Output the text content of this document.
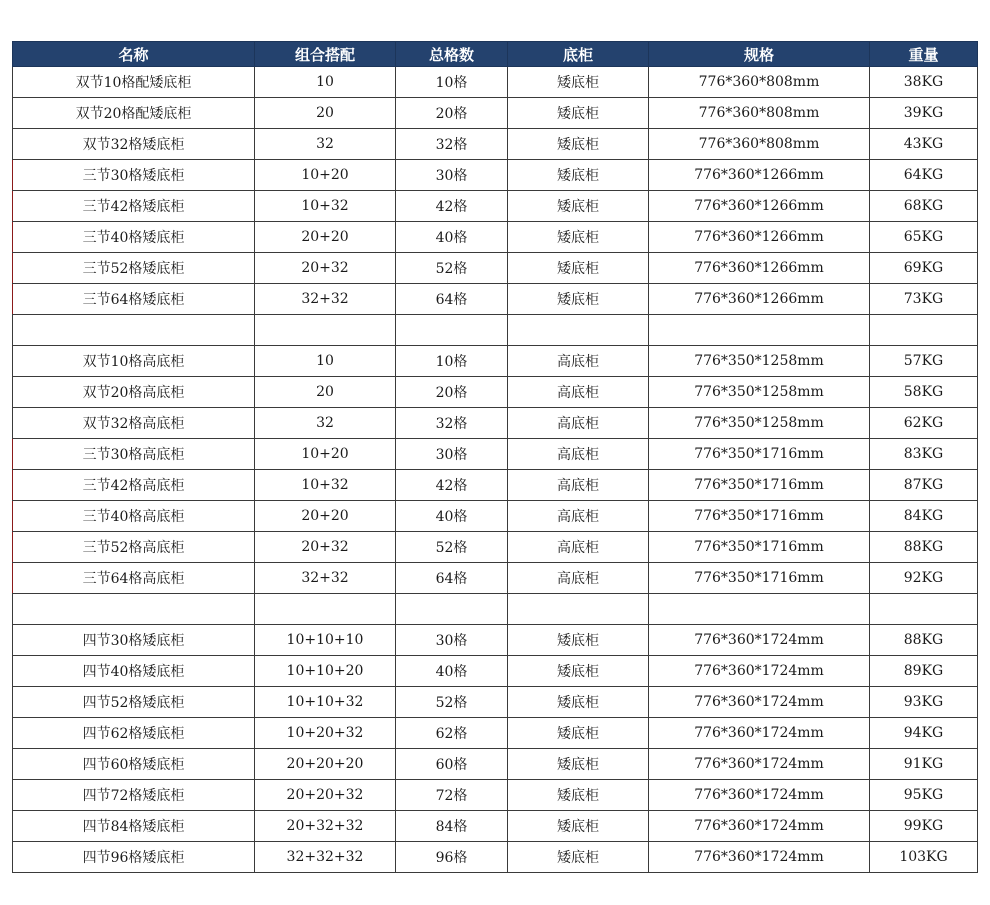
名称	组合搭配	总格数	底柜	规格	重量
双节10格配矮底柜	10	10格	矮底柜	776*360*808mm	38KG
双节20格配矮底柜	20	20格	矮底柜	776*360*808mm	39KG
双节32格矮底柜	32	32格	矮底柜	776*360*808mm	43KG
三节30格矮底柜	10+20	30格	矮底柜	776*360*1266mm	64KG
三节42格矮底柜	10+32	42格	矮底柜	776*360*1266mm	68KG
三节40格矮底柜	20+20	40格	矮底柜	776*360*1266mm	65KG
三节52格矮底柜	20+32	52格	矮底柜	776*360*1266mm	69KG
三节64格矮底柜	32+32	64格	矮底柜	776*360*1266mm	73KG

双节10格高底柜	10	10格	高底柜	776*350*1258mm	57KG
双节20格高底柜	20	20格	高底柜	776*350*1258mm	58KG
双节32格高底柜	32	32格	高底柜	776*350*1258mm	62KG
三节30格高底柜	10+20	30格	高底柜	776*350*1716mm	83KG
三节42格高底柜	10+32	42格	高底柜	776*350*1716mm	87KG
三节40格高底柜	20+20	40格	高底柜	776*350*1716mm	84KG
三节52格高底柜	20+32	52格	高底柜	776*350*1716mm	88KG
三节64格高底柜	32+32	64格	高底柜	776*350*1716mm	92KG

四节30格矮底柜	10+10+10	30格	矮底柜	776*360*1724mm	88KG
四节40格矮底柜	10+10+20	40格	矮底柜	776*360*1724mm	89KG
四节52格矮底柜	10+10+32	52格	矮底柜	776*360*1724mm	93KG
四节62格矮底柜	10+20+32	62格	矮底柜	776*360*1724mm	94KG
四节60格矮底柜	20+20+20	60格	矮底柜	776*360*1724mm	91KG
四节72格矮底柜	20+20+32	72格	矮底柜	776*360*1724mm	95KG
四节84格矮底柜	20+32+32	84格	矮底柜	776*360*1724mm	99KG
四节96格矮底柜	32+32+32	96格	矮底柜	776*360*1724mm	103KG
